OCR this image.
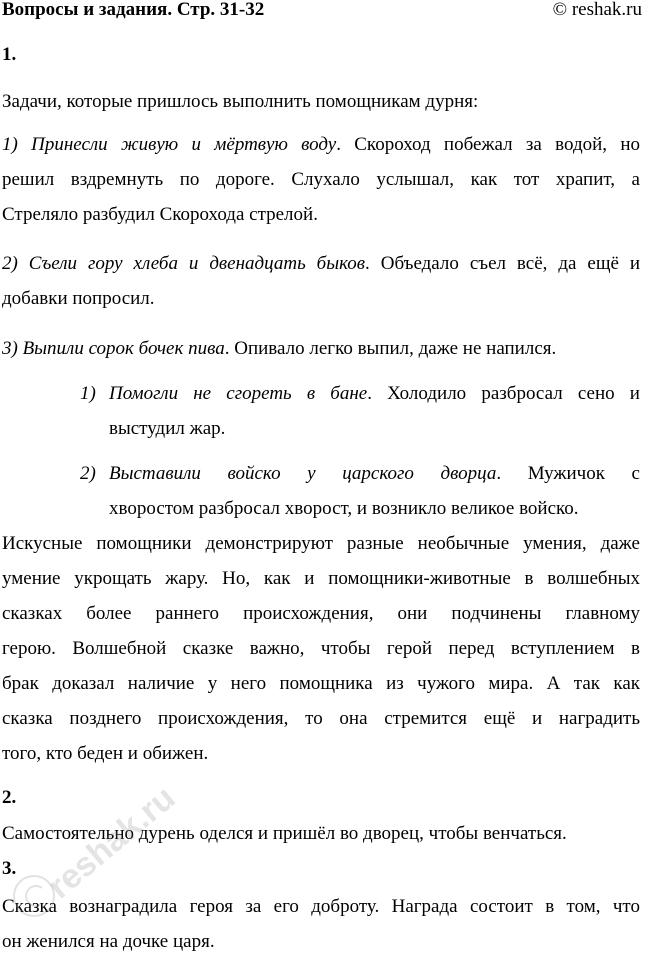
Вопросы и задания. Стр. 31-32	© reshak.ru
1.
Задачи, которые пришлось выполнить помощникам дурня:
1) Принесли живую и мёртвую воду. Скороход побежал за водой, но
решил вздремнуть по дороге. Слухало услышал, как тот храпит, а
Стреляло разбудил Скорохода стрелой.
2) Съели гору хлеба и двенадцать быков. Объедало съел всё, да ещё и
добавки попросил.
3) Выпили сорок бочек пива. Опивало легко выпил, даже не напился.
1) Помогли не сгореть в бане. Холодило разбросал сено и
выстудил жар.
2) Выставили войско у царского дворца. Мужичок с
хворостом разбросал хворост, и возникло великое войско.
Искусные помощники демонстрируют разные необычные умения, даже
умение укрощать жару. Но, как и помощники-животные в волшебных
сказках более раннего происхождения, они подчинены главному
герою. Волшебной сказке важно, чтобы герой перед вступлением в
брак доказал наличие у него помощника из чужого мира. А так как
сказка позднего происхождения, то она стремится ещё и наградить
того, кто беден и обижен.
2.
Самостоятельно дурень оделся и пришёл во дворец, чтобы венчаться.
3.
Сказка вознаградила героя за его доброту. Награда состоит в том, что
он женился на дочке царя.
reshak.ru
